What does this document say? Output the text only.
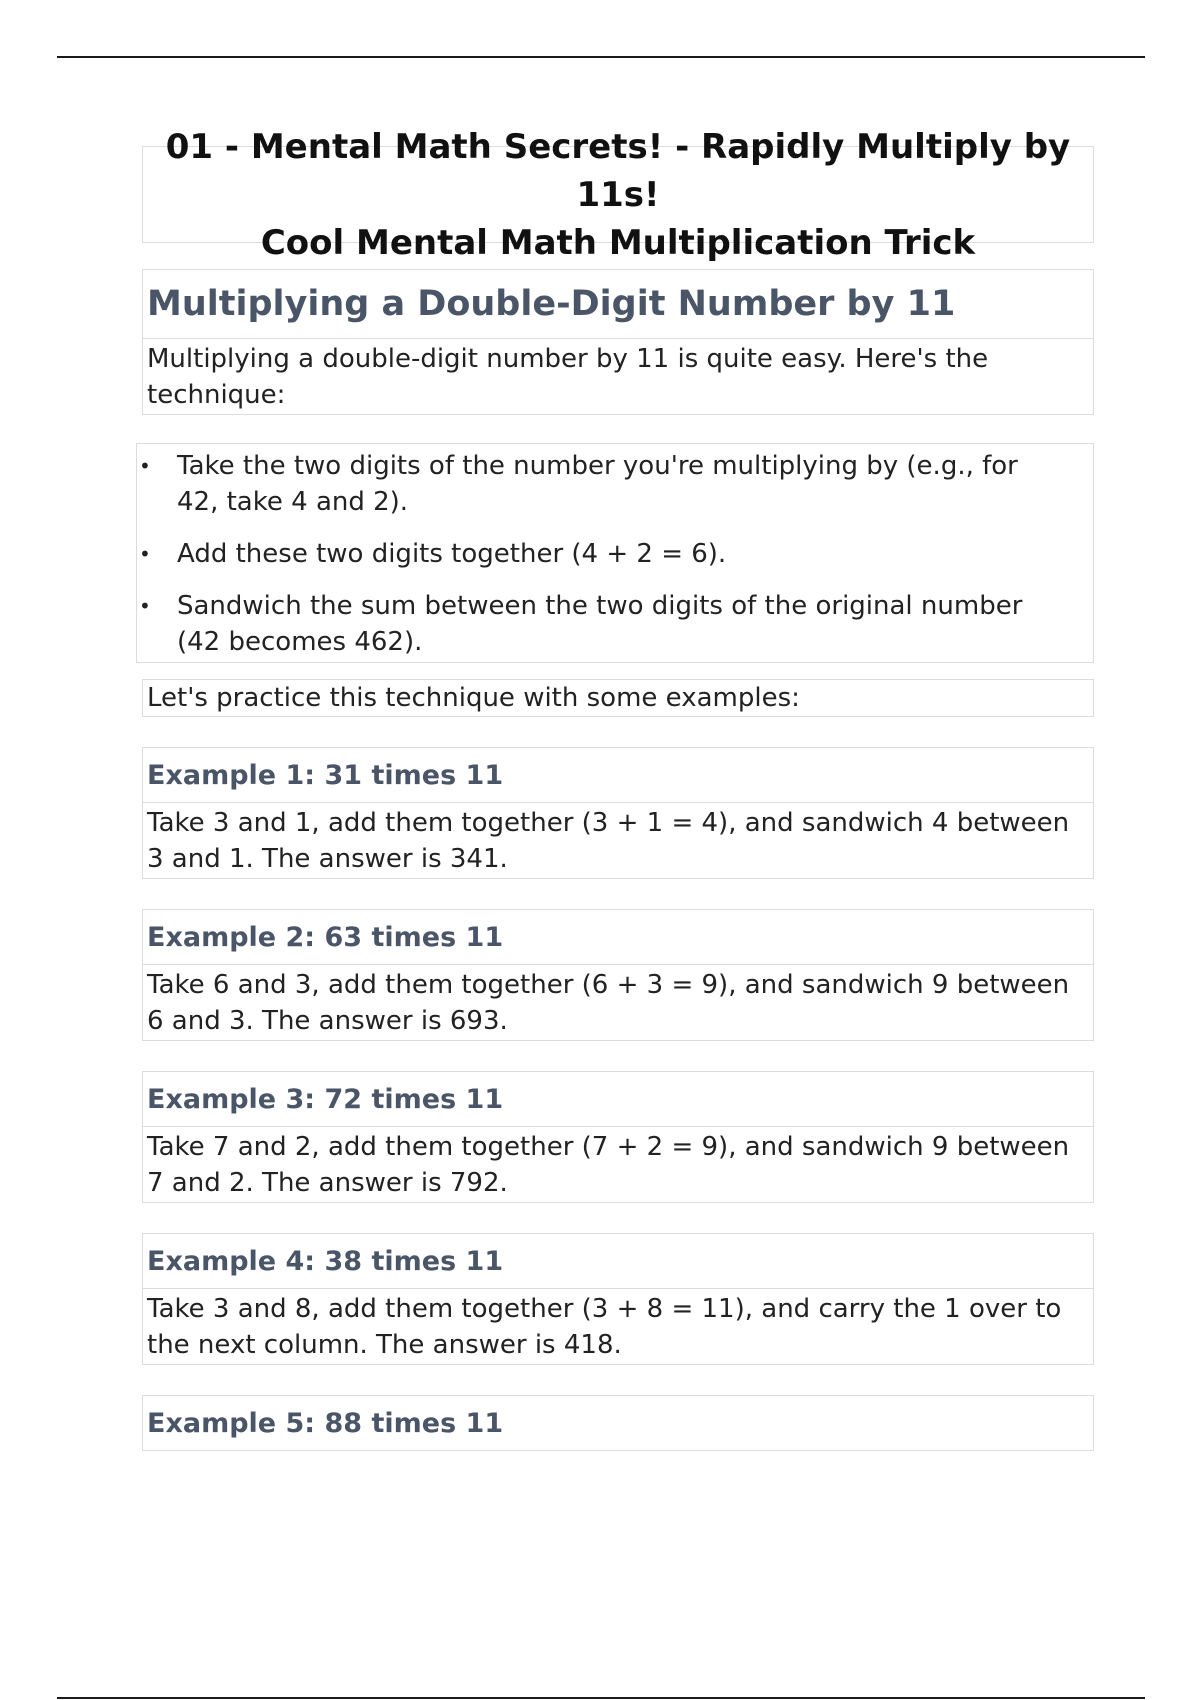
01 - Mental Math Secrets! - Rapidly Multiply by 11s!
Cool Mental Math Multiplication Trick
Multiplying a Double-Digit Number by 11
Multiplying a double-digit number by 11 is quite easy. Here's the technique:
• Take the two digits of the number you're multiplying by (e.g., for 42, take 4 and 2).
• Add these two digits together (4 + 2 = 6).
• Sandwich the sum between the two digits of the original number (42 becomes 462).
Let's practice this technique with some examples:
Example 1: 31 times 11
Take 3 and 1, add them together (3 + 1 = 4), and sandwich 4 between 3 and 1. The answer is 341.
Example 2: 63 times 11
Take 6 and 3, add them together (6 + 3 = 9), and sandwich 9 between 6 and 3. The answer is 693.
Example 3: 72 times 11
Take 7 and 2, add them together (7 + 2 = 9), and sandwich 9 between 7 and 2. The answer is 792.
Example 4: 38 times 11
Take 3 and 8, add them together (3 + 8 = 11), and carry the 1 over to the next column. The answer is 418.
Example 5: 88 times 11
